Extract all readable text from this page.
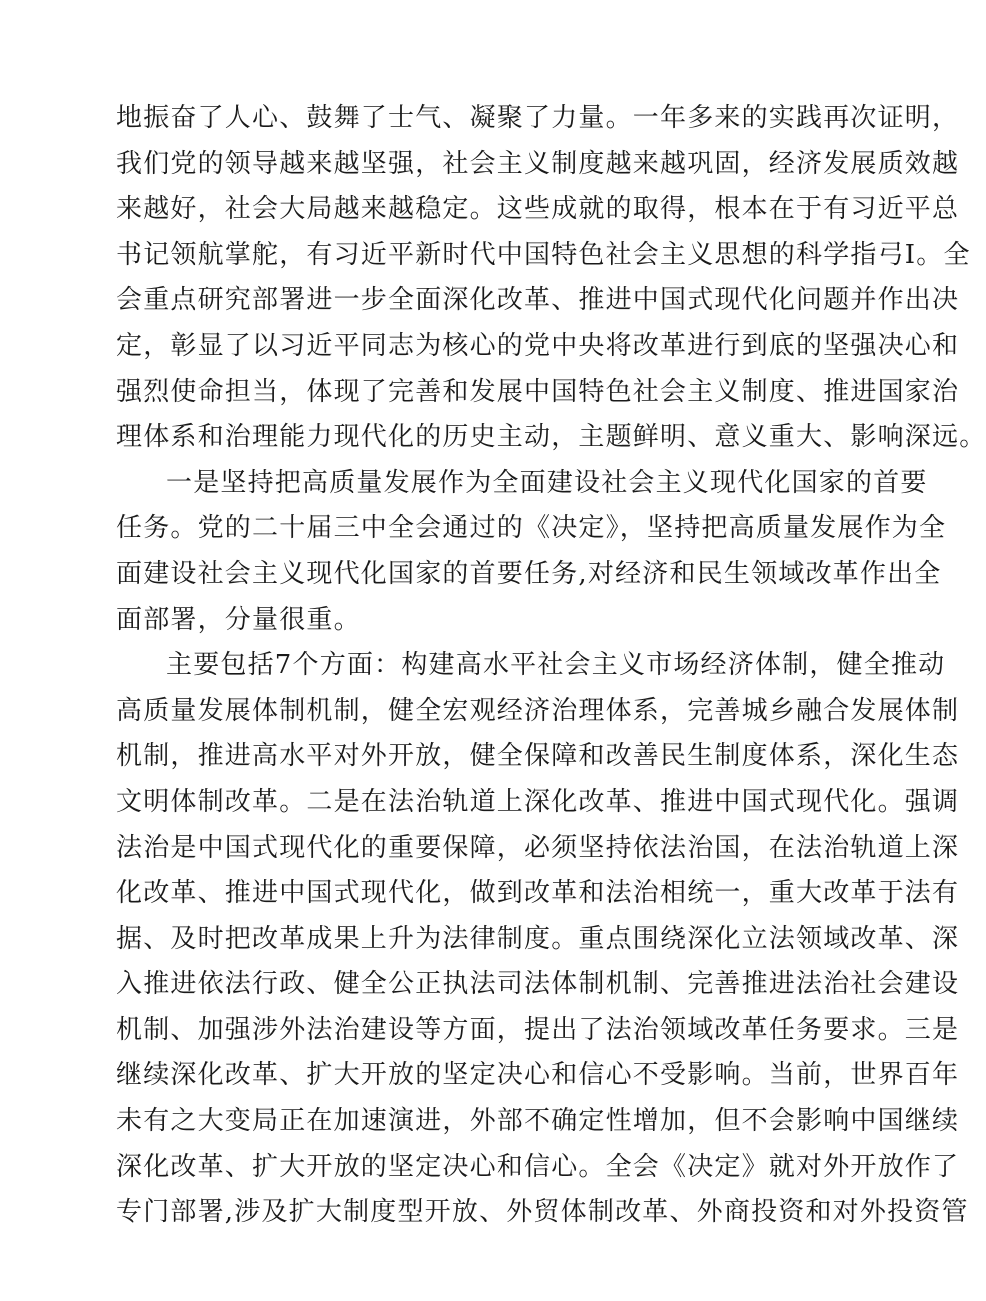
地振奋了人心、鼓舞了士气、凝聚了力量。一年多来的实践再次证明，
我们党的领导越来越坚强，社会主义制度越来越巩固，经济发展质效越
来越好，社会大局越来越稳定。这些成就的取得，根本在于有习近平总
书记领航掌舵，有习近平新时代中国特色社会主义思想的科学指弓I。全
会重点研究部署进一步全面深化改革、推进中国式现代化问题并作出决
定，彰显了以习近平同志为核心的党中央将改革进行到底的坚强决心和
强烈使命担当，体现了完善和发展中国特色社会主义制度、推进国家治
理体系和治理能力现代化的历史主动，主题鲜明、意义重大、影响深远。
一是坚持把高质量发展作为全面建设社会主义现代化国家的首要
任务。党的二十届三中全会通过的《决定》，坚持把高质量发展作为全
面建设社会主义现代化国家的首要任务,对经济和民生领域改革作出全
面部署，分量很重。
主要包括7个方面：构建高水平社会主义市场经济体制，健全推动
高质量发展体制机制，健全宏观经济治理体系，完善城乡融合发展体制
机制，推进高水平对外开放，健全保障和改善民生制度体系，深化生态
文明体制改革。二是在法治轨道上深化改革、推进中国式现代化。强调
法治是中国式现代化的重要保障，必须坚持依法治国，在法治轨道上深
化改革、推进中国式现代化，做到改革和法治相统一，重大改革于法有
据、及时把改革成果上升为法律制度。重点围绕深化立法领域改革、深
入推进依法行政、健全公正执法司法体制机制、完善推进法治社会建设
机制、加强涉外法治建设等方面，提出了法治领域改革任务要求。三是
继续深化改革、扩大开放的坚定决心和信心不受影响。当前，世界百年
未有之大变局正在加速演进，外部不确定性增加，但不会影响中国继续
深化改革、扩大开放的坚定决心和信心。全会《决定》就对外开放作了
专门部署,涉及扩大制度型开放、外贸体制改革、外商投资和对外投资管
